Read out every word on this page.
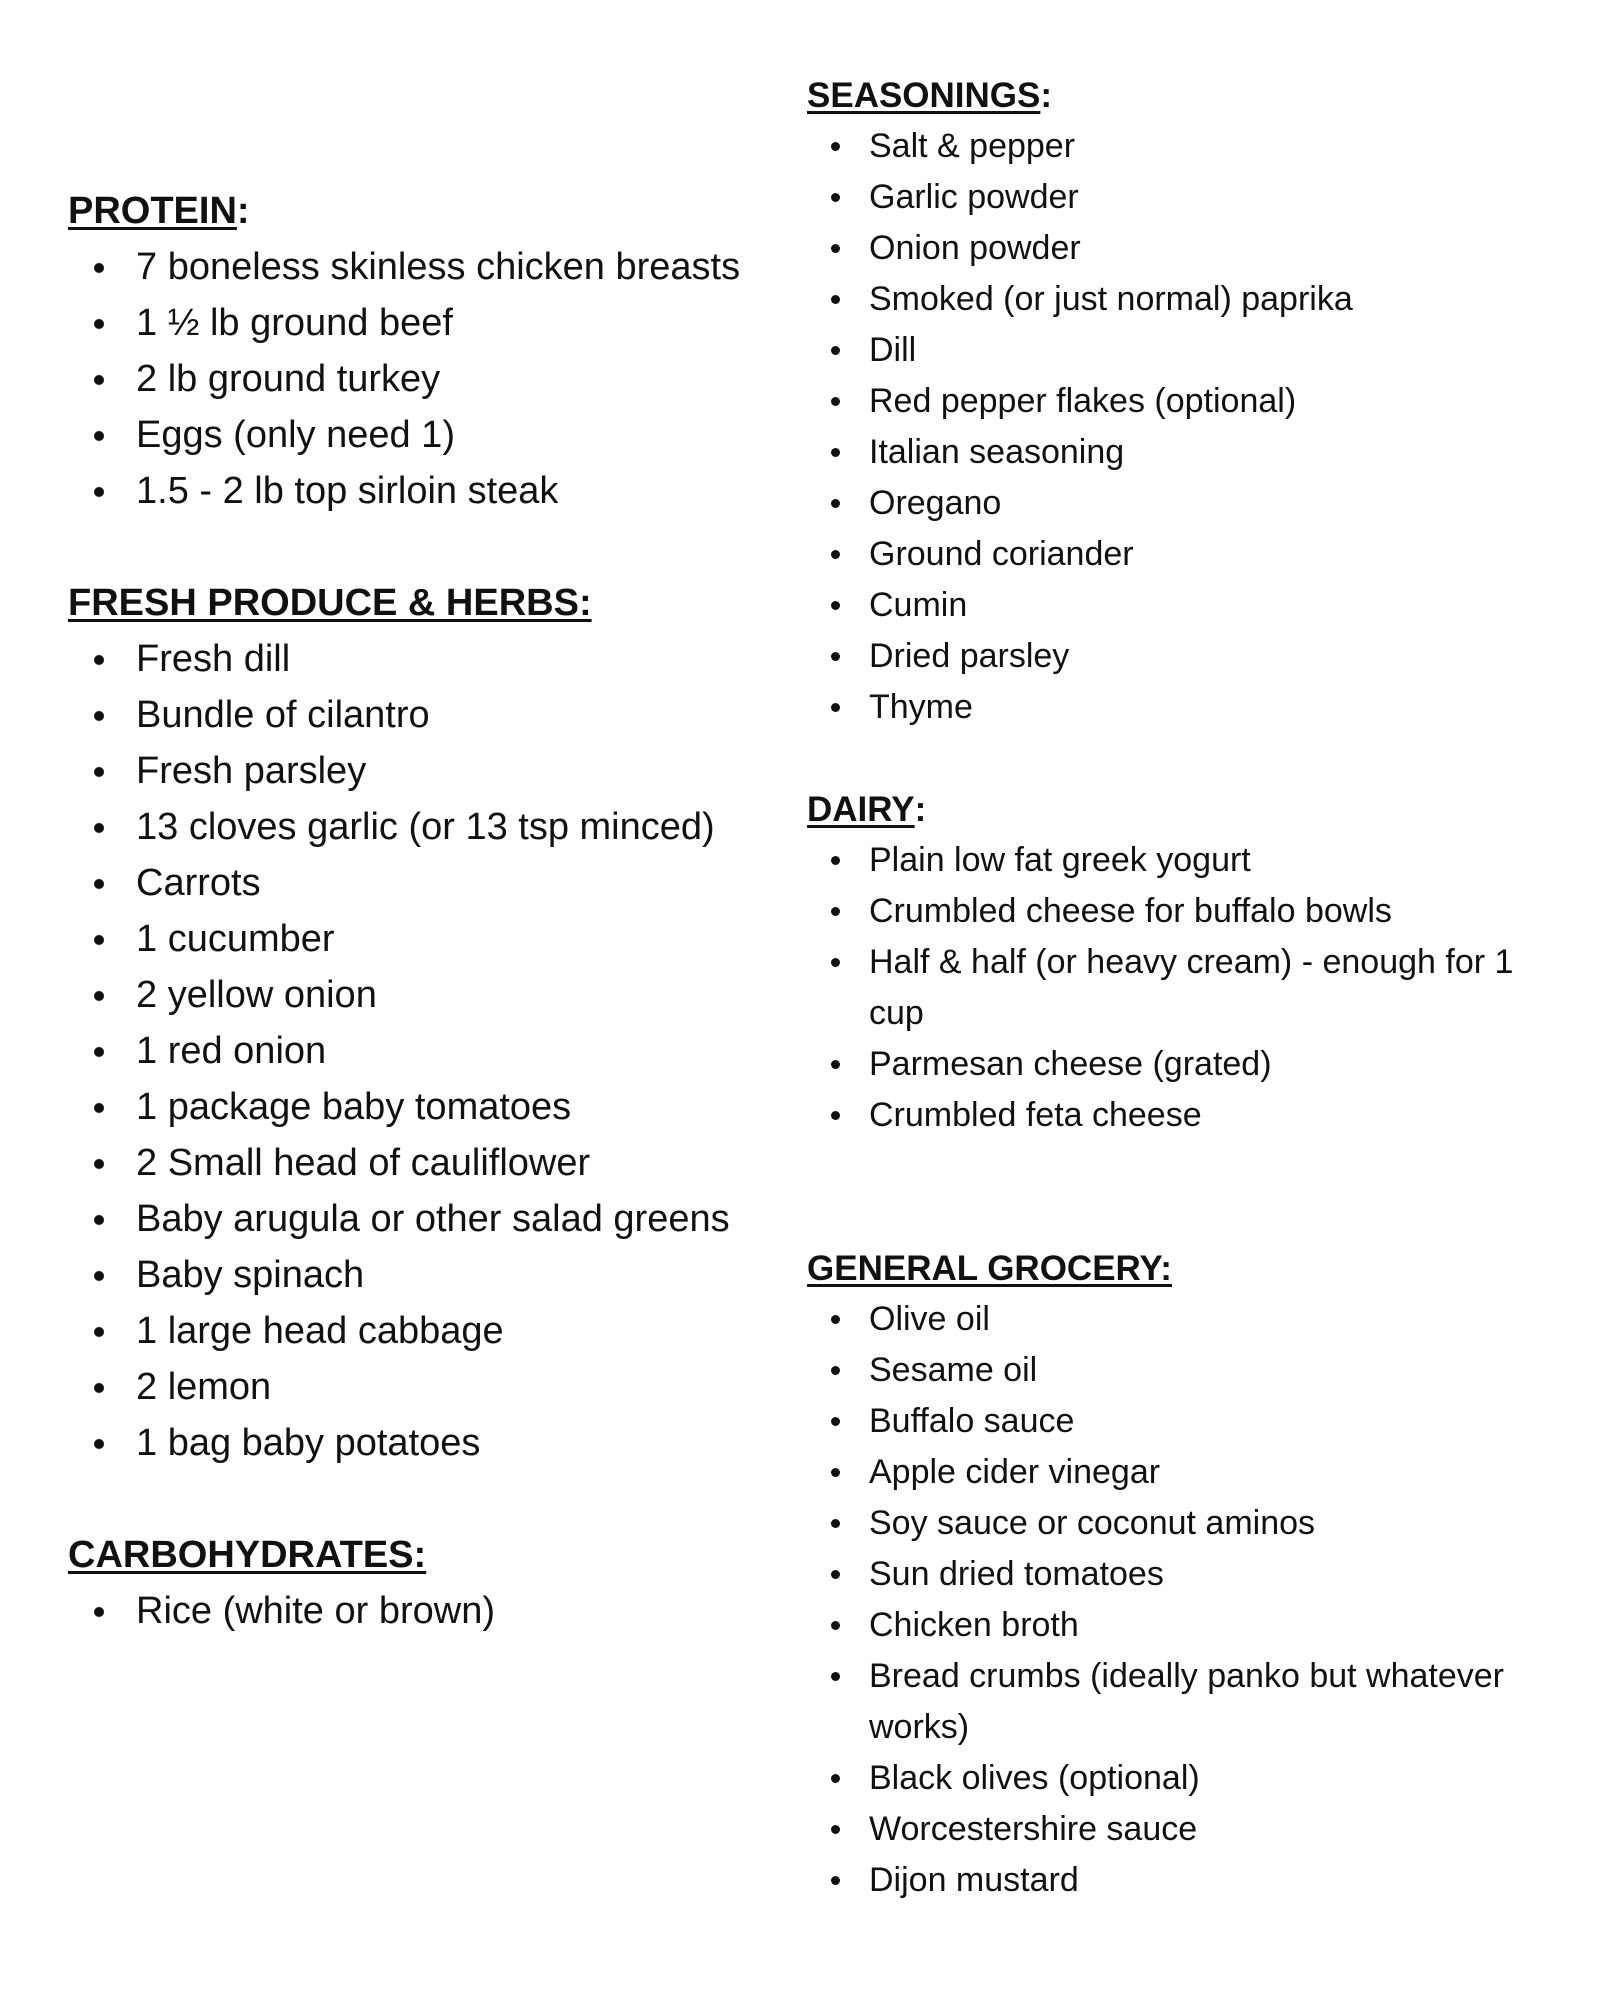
PROTEIN:
7 boneless skinless chicken breasts
1 ½ lb ground beef
2 lb ground turkey
Eggs (only need 1)
1.5 - 2 lb top sirloin steak
FRESH PRODUCE & HERBS:
Fresh dill
Bundle of cilantro
Fresh parsley
13 cloves garlic (or 13 tsp minced)
Carrots
1 cucumber
2 yellow onion
1 red onion
1 package baby tomatoes
2 Small head of cauliflower
Baby arugula or other salad greens
Baby spinach
1 large head cabbage
2 lemon
1 bag baby potatoes
CARBOHYDRATES:
Rice (white or brown)
SEASONINGS:
Salt & pepper
Garlic powder
Onion powder
Smoked (or just normal) paprika
Dill
Red pepper flakes (optional)
Italian seasoning
Oregano
Ground coriander
Cumin
Dried parsley
Thyme
DAIRY:
Plain low fat greek yogurt
Crumbled cheese for buffalo bowls
Half & half (or heavy cream) - enough for 1 cup
Parmesan cheese (grated)
Crumbled feta cheese
GENERAL GROCERY:
Olive oil
Sesame oil
Buffalo sauce
Apple cider vinegar
Soy sauce or coconut aminos
Sun dried tomatoes
Chicken broth
Bread crumbs (ideally panko but whatever works)
Black olives (optional)
Worcestershire sauce
Dijon mustard
